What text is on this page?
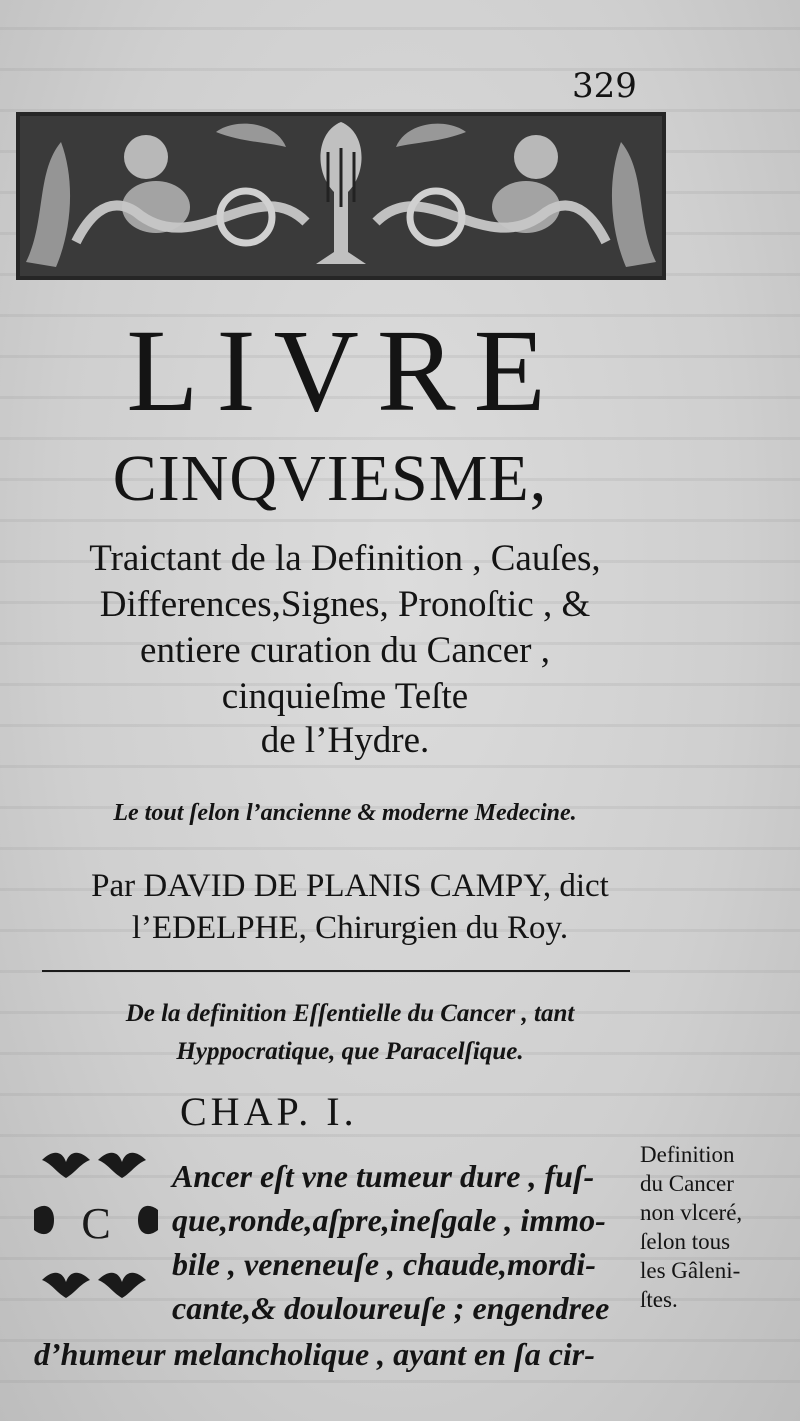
329
LIVRE
CINQVIESME,
Traictant de la Definition , Cauſes,
Differences,Signes, Pronoſtic , &
entiere curation du Cancer ,
cinquieſme Teſte
de l’Hydre.
Le tout ſelon l’ancienne & moderne Medecine.
Par DAVID DE PLANIS CAMPY, dict
l’EDELPHE, Chirurgien du Roy.
De la definition Eſſentielle du Cancer , tant
Hyppocratique, que Paracelſique.
CHAP. I.
C
Ancer eſt vne tumeur dure , fuſ-
que,ronde,aſpre,ineſgale , immo-
bile , veneneuſe , chaude,mordi-
cante,& douloureuſe ; engendree
d’humeur melancholique , ayant en ſa cir-
Definition
du Cancer
non vlceré,
ſelon tous
les Gâleni-
ſtes.
